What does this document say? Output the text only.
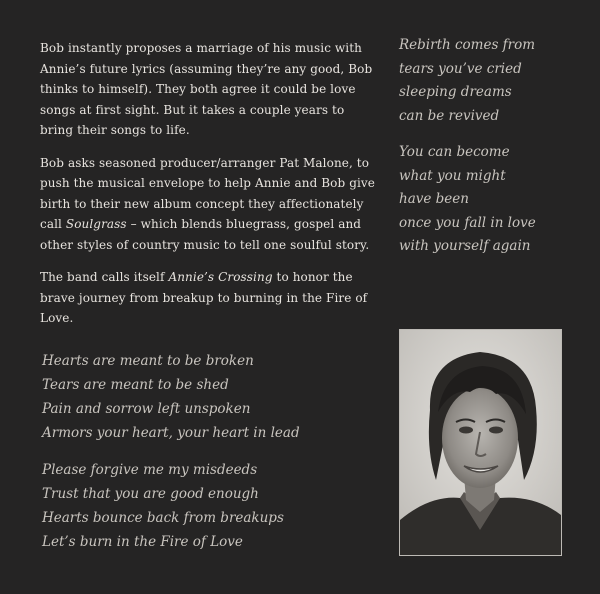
Bob instantly proposes a marriage of his music with Annie’s future lyrics (assuming they’re any good, Bob thinks to himself). They both agree it could be love songs at first sight. But it takes a couple years to bring their songs to life.

Bob asks seasoned producer/arranger Pat Malone, to push the musical envelope to help Annie and Bob give birth to their new album concept they affectionately call Soulgrass – which blends bluegrass, gospel and other styles of country music to tell one soulful story.

The band calls itself Annie’s Crossing to honor the brave journey from breakup to burning in the Fire of Love.

Rebirth comes from
tears you’ve cried
sleeping dreams
can be revived
You can become
what you might
have been
once you fall in love
with yourself again
Hearts are meant to be broken
Tears are meant to be shed
Pain and sorrow left unspoken
Armors your heart, your heart in lead
Please forgive me my misdeeds
Trust that you are good enough
Hearts bounce back from breakups
Let’s burn in the Fire of Love
